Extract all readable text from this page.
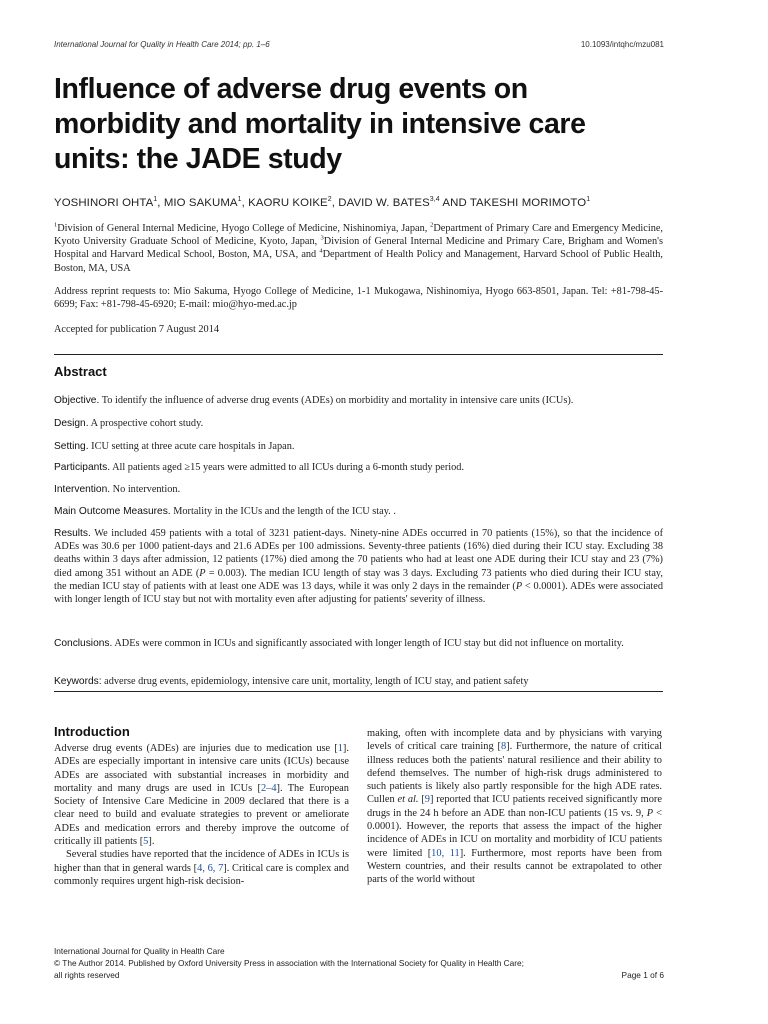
International Journal for Quality in Health Care 2014; pp. 1–6	10.1093/intqhc/mzu081
Influence of adverse drug events on morbidity and mortality in intensive care units: the JADE study
YOSHINORI OHTA$^1$, MIO SAKUMA$^1$, KAORU KOIKE$^2$, DAVID W. BATES$^{3,4}$ AND TAKESHI MORIMOTO$^1$
$^1$Division of General Internal Medicine, Hyogo College of Medicine, Nishinomiya, Japan, $^2$Department of Primary Care and Emergency Medicine, Kyoto University Graduate School of Medicine, Kyoto, Japan, $^3$Division of General Internal Medicine and Primary Care, Brigham and Women's Hospital and Harvard Medical School, Boston, MA, USA, and $^4$Department of Health Policy and Management, Harvard School of Public Health, Boston, MA, USA
Address reprint requests to: Mio Sakuma, Hyogo College of Medicine, 1-1 Mukogawa, Nishinomiya, Hyogo 663-8501, Japan. Tel: +81-798-45-6699; Fax: +81-798-45-6920; E-mail: mio@hyo-med.ac.jp
Accepted for publication 7 August 2014
Abstract
Objective. To identify the influence of adverse drug events (ADEs) on morbidity and mortality in intensive care units (ICUs).
Design. A prospective cohort study.
Setting. ICU setting at three acute care hospitals in Japan.
Participants. All patients aged ≥15 years were admitted to all ICUs during a 6-month study period.
Intervention. No intervention.
Main Outcome Measures. Mortality in the ICUs and the length of the ICU stay. .
Results. We included 459 patients with a total of 3231 patient-days. Ninety-nine ADEs occurred in 70 patients (15%), so that the incidence of ADEs was 30.6 per 1000 patient-days and 21.6 ADEs per 100 admissions. Seventy-three patients (16%) died during their ICU stay. Excluding 38 deaths within 3 days after admission, 12 patients (17%) died among the 70 patients who had at least one ADE during their ICU stay and 23 (7%) died among 351 without an ADE (P = 0.003). The median ICU length of stay was 3 days. Excluding 73 patients who died during their ICU stay, the median ICU stay of patients with at least one ADE was 13 days, while it was only 2 days in the remainder (P < 0.0001). ADEs were associated with longer length of ICU stay but not with mortality even after adjusting for patients' severity of illness.
Conclusions. ADEs were common in ICUs and significantly associated with longer length of ICU stay but did not influence on mortality.
Keywords: adverse drug events, epidemiology, intensive care unit, mortality, length of ICU stay, and patient safety
Introduction

Adverse drug events (ADEs) are injuries due to medication use [1]. ADEs are especially important in intensive care units (ICUs) because ADEs are associated with substantial increases in morbidity and mortality and many drugs are used in ICUs [2–4]. The European Society of Intensive Care Medicine in 2009 declared that there is a clear need to build and evaluate strategies to prevent or ameliorate ADEs and medication errors and thereby improve the outcome of critically ill patients [5].

Several studies have reported that the incidence of ADEs in ICUs is higher than that in general wards [4, 6, 7]. Critical care is complex and commonly requires urgent high-risk decision-

making, often with incomplete data and by physicians with varying levels of critical care training [8]. Furthermore, the nature of critical illness reduces both the patients' natural resilience and their ability to defend themselves. The number of high-risk drugs administered to such patients is likely also partly responsible for the high ADE rates. Cullen et al. [9] reported that ICU patients received significantly more drugs in the 24 h before an ADE than non-ICU patients (15 vs. 9, P < 0.0001). However, the reports that assess the impact of the higher incidence of ADEs in ICU on mortality and morbidity of ICU patients were limited [10, 11]. Furthermore, most reports have been from Western countries, and their results cannot be extrapolated to other parts of the world without

International Journal for Quality in Health Care
© The Author 2014. Published by Oxford University Press in association with the International Society for Quality in Health Care;
all rights reserved	Page 1 of 6
